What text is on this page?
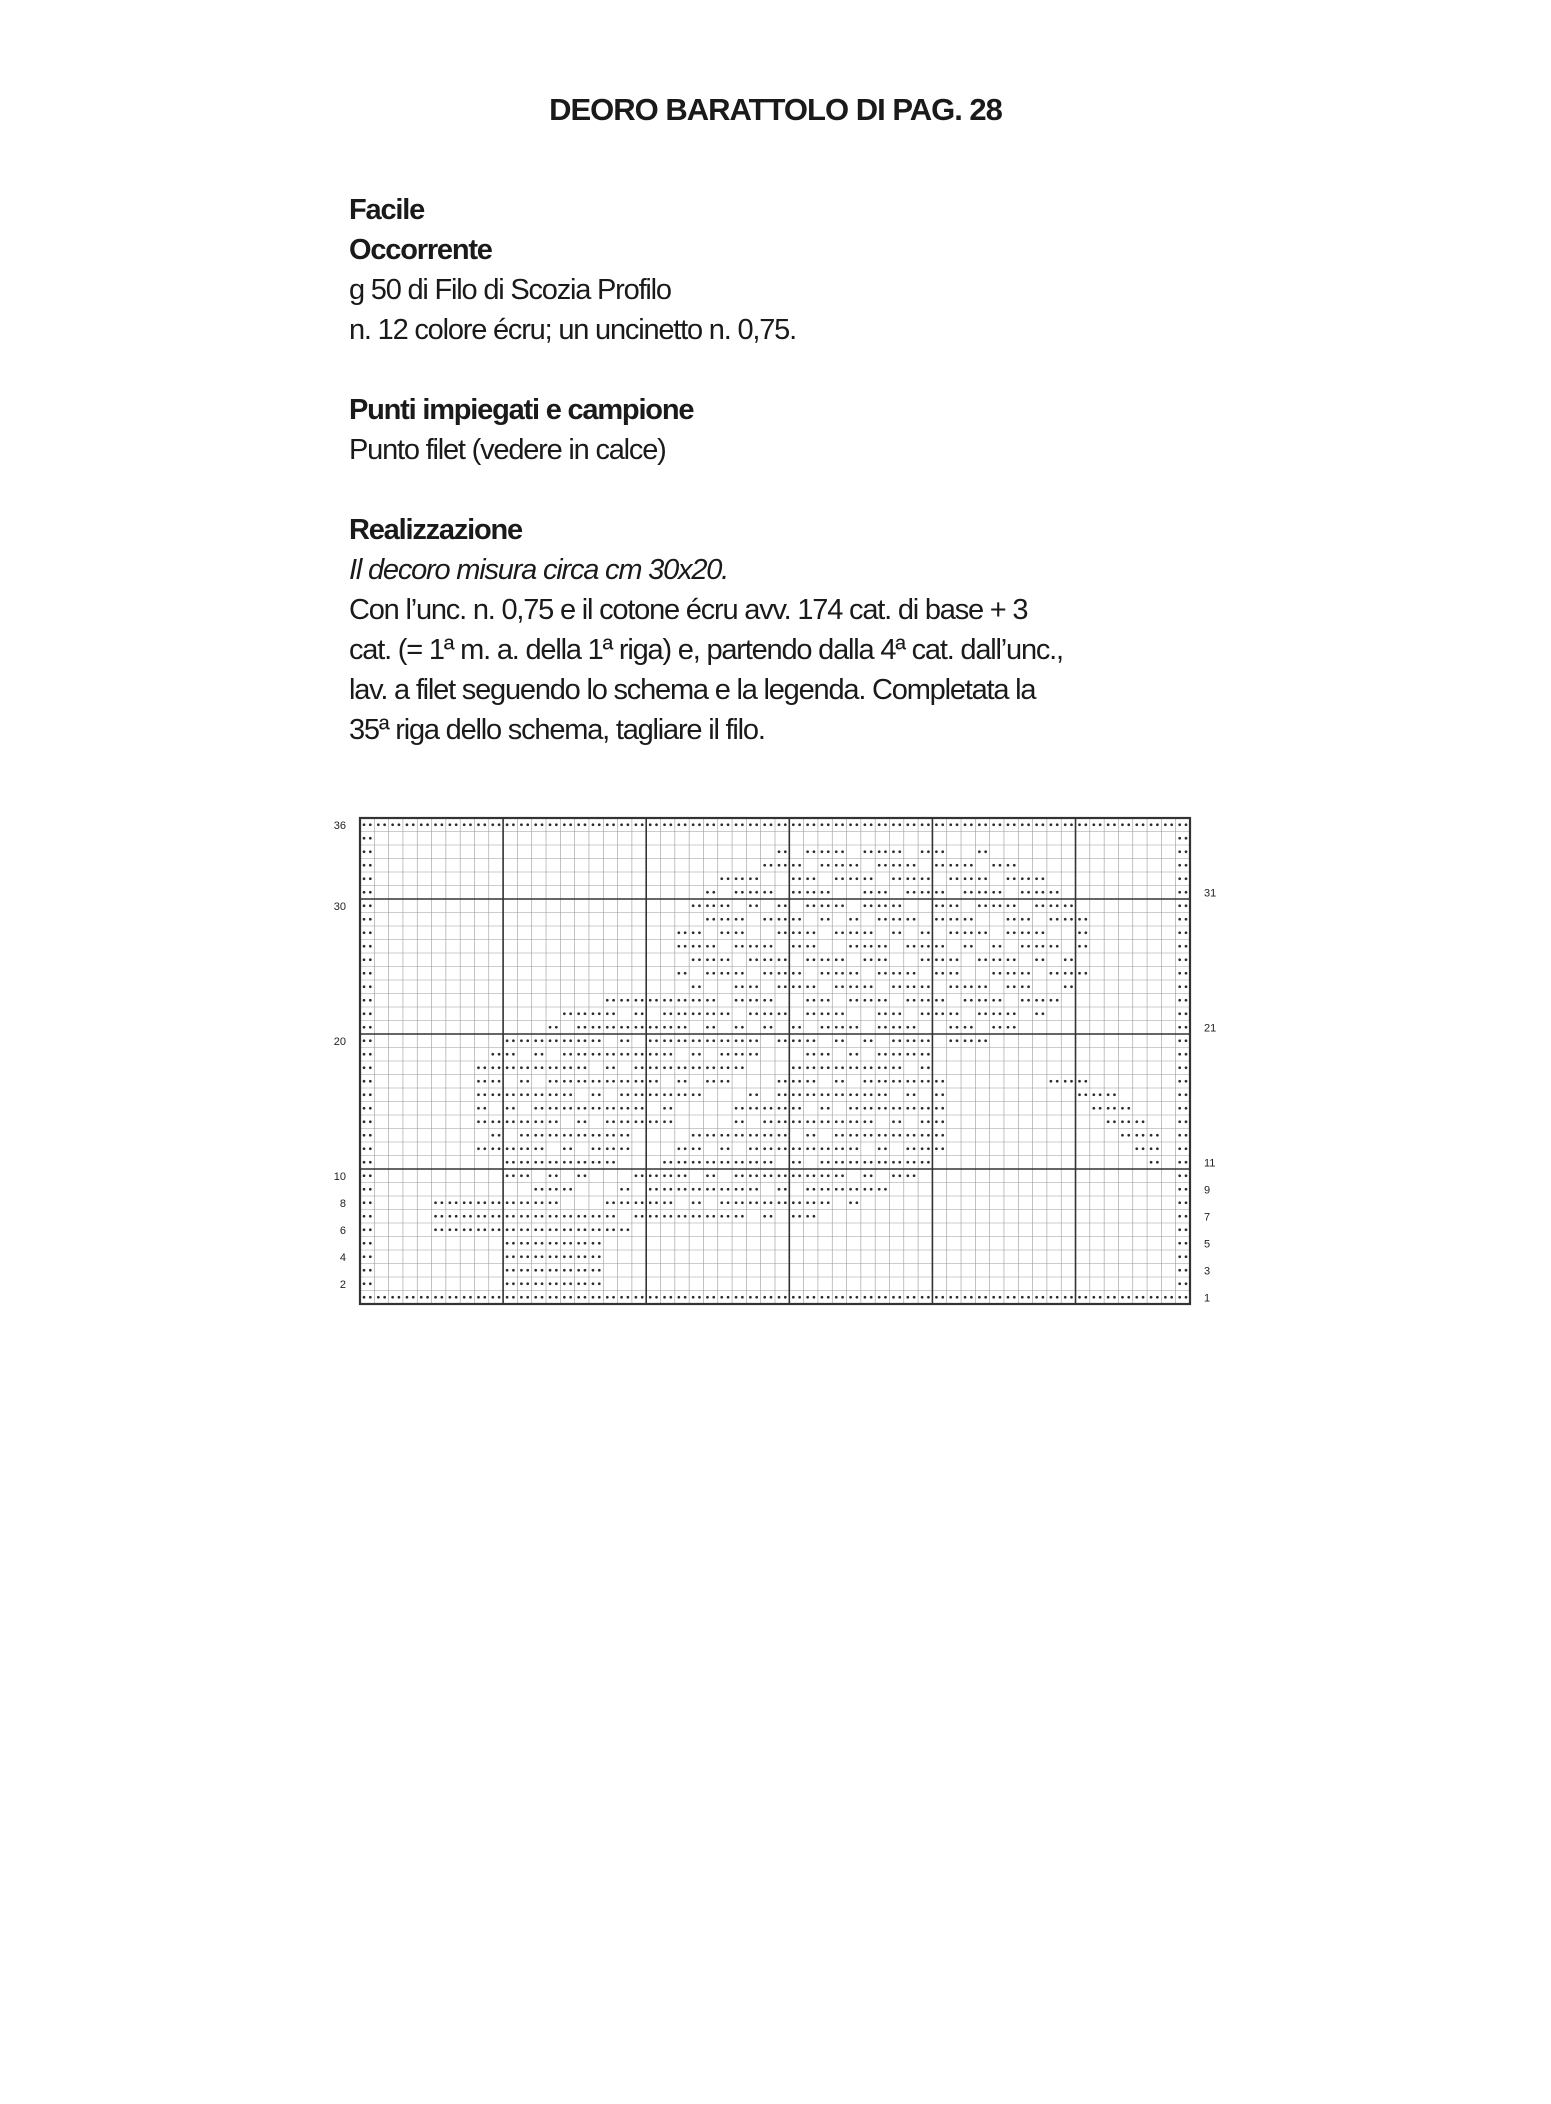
DEORO BARATTOLO DI PAG. 28
Facile
Occorrente
g 50 di Filo di Scozia Profilo
n. 12 colore écru; un uncinetto n. 0,75.
Punti impiegati e campione
Punto filet (vedere in calce)
Realizzazione
Il decoro misura circa cm 30x20.
Con l’unc. n. 0,75 e il cotone écru avv. 174 cat. di base + 3
cat. (= 1ª m. a. della 1ª riga) e, partendo dalla 4ª cat. dall’unc.,
lav. a filet seguendo lo schema e la legenda. Completata la
35ª riga dello schema, tagliare il filo.
36
30
20
10
8
6
4
2
31
21
11
9
7
5
3
1
